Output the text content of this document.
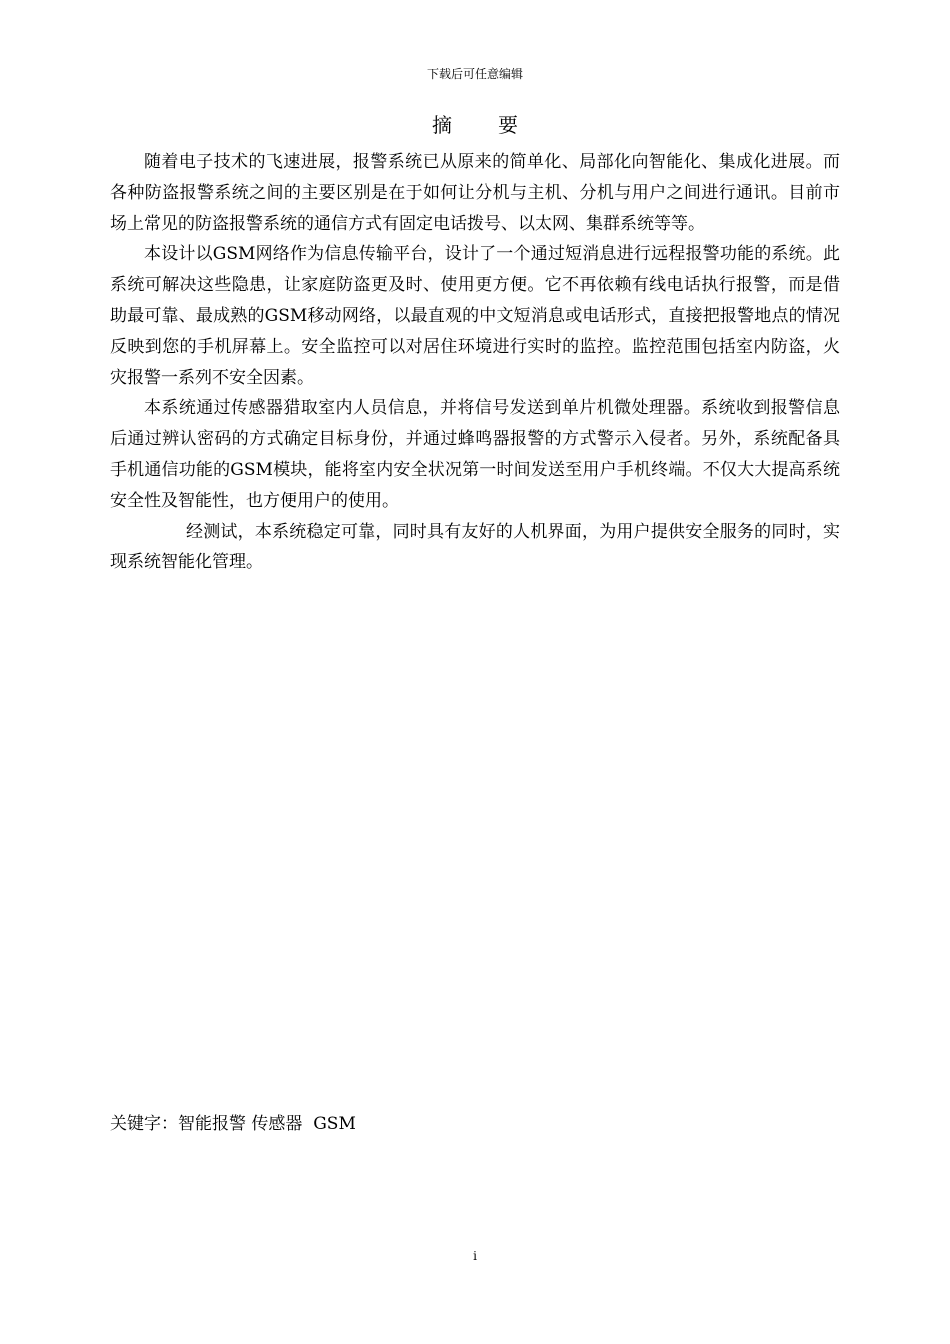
下载后可任意编辑
摘 要

随着电子技术的飞速进展，报警系统已从原来的简单化、局部化向智能化、集成化进展。而各种防盗报警系统之间的主要区别是在于如何让分机与主机、分机与用户之间进行通讯。目前市场上常见的防盗报警系统的通信方式有固定电话拨号、以太网、集群系统等等。

本设计以GSM网络作为信息传输平台，设计了一个通过短消息进行远程报警功能的系统。此系统可解决这些隐患，让家庭防盗更及时、使用更方便。它不再依赖有线电话执行报警，而是借助最可靠、最成熟的GSM移动网络，以最直观的中文短消息或电话形式，直接把报警地点的情况反映到您的手机屏幕上。安全监控可以对居住环境进行实时的监控。监控范围包括室内防盗，火灾报警一系列不安全因素。

本系统通过传感器猎取室内人员信息，并将信号发送到单片机微处理器。系统收到报警信息后通过辨认密码的方式确定目标身份，并通过蜂鸣器报警的方式警示入侵者。另外，系统配备具手机通信功能的GSM模块，能将室内安全状况第一时间发送至用户手机终端。不仅大大提高系统安全性及智能性，也方便用户的使用。

经测试，本系统稳定可靠，同时具有友好的人机界面，为用户提供安全服务的同时，实现系统智能化管理。

关键字：智能报警 传感器 GSM
i
